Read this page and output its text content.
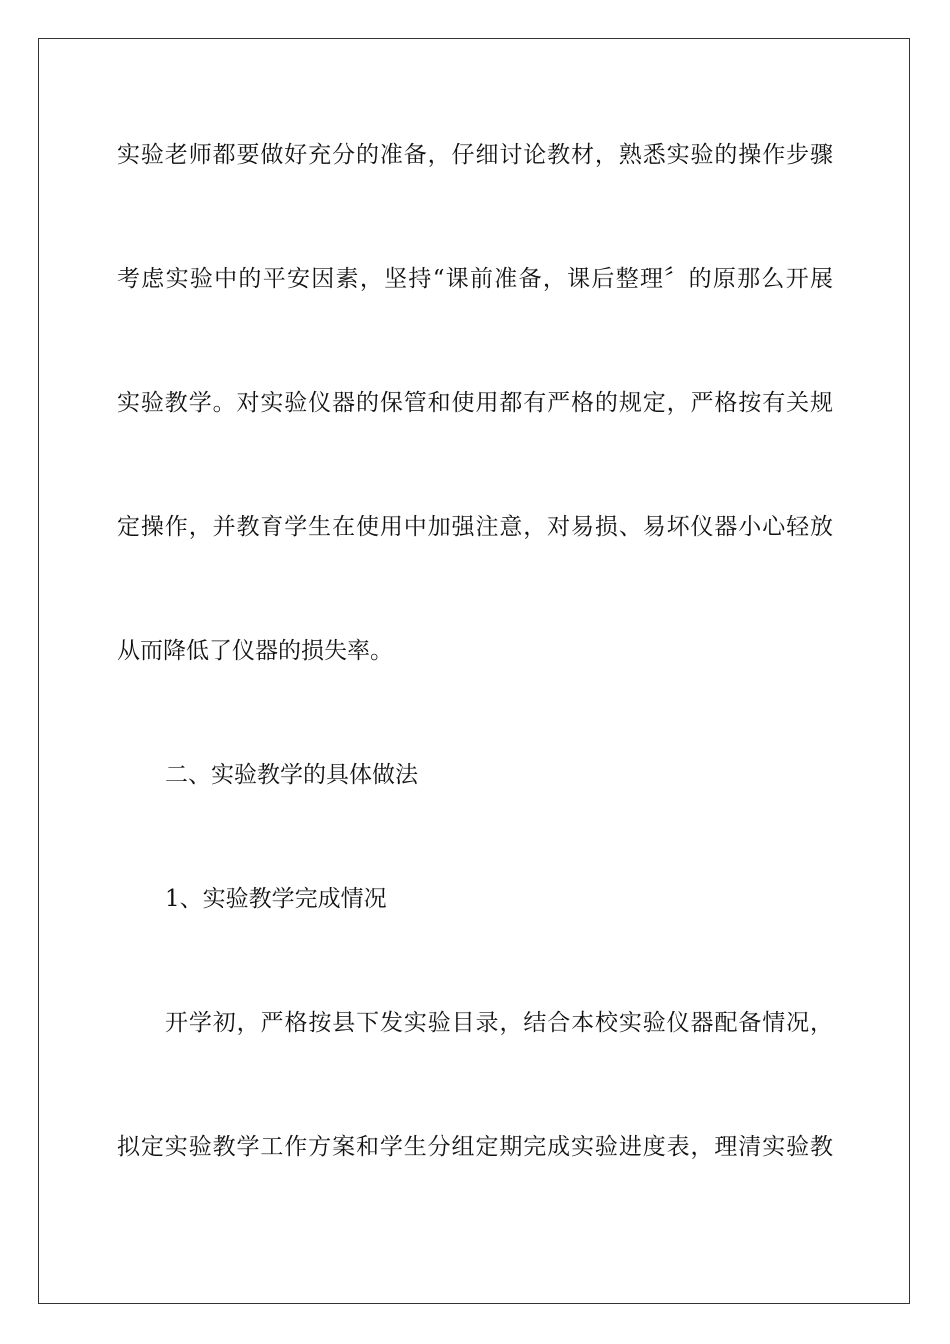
实验老师都要做好充分的准备，仔细讨论教材，熟悉实验的操作步骤
考虑实验中的平安因素，坚持“课前准备，课后整理〞的原那么开展
实验教学。对实验仪器的保管和使用都有严格的规定，严格按有关规
定操作，并教育学生在使用中加强注意，对易损、易坏仪器小心轻放
从而降低了仪器的损失率。
二、实验教学的具体做法
1、实验教学完成情况
开学初，严格按县下发实验目录，结合本校实验仪器配备情况，
拟定实验教学工作方案和学生分组定期完成实验进度表，理清实验教
